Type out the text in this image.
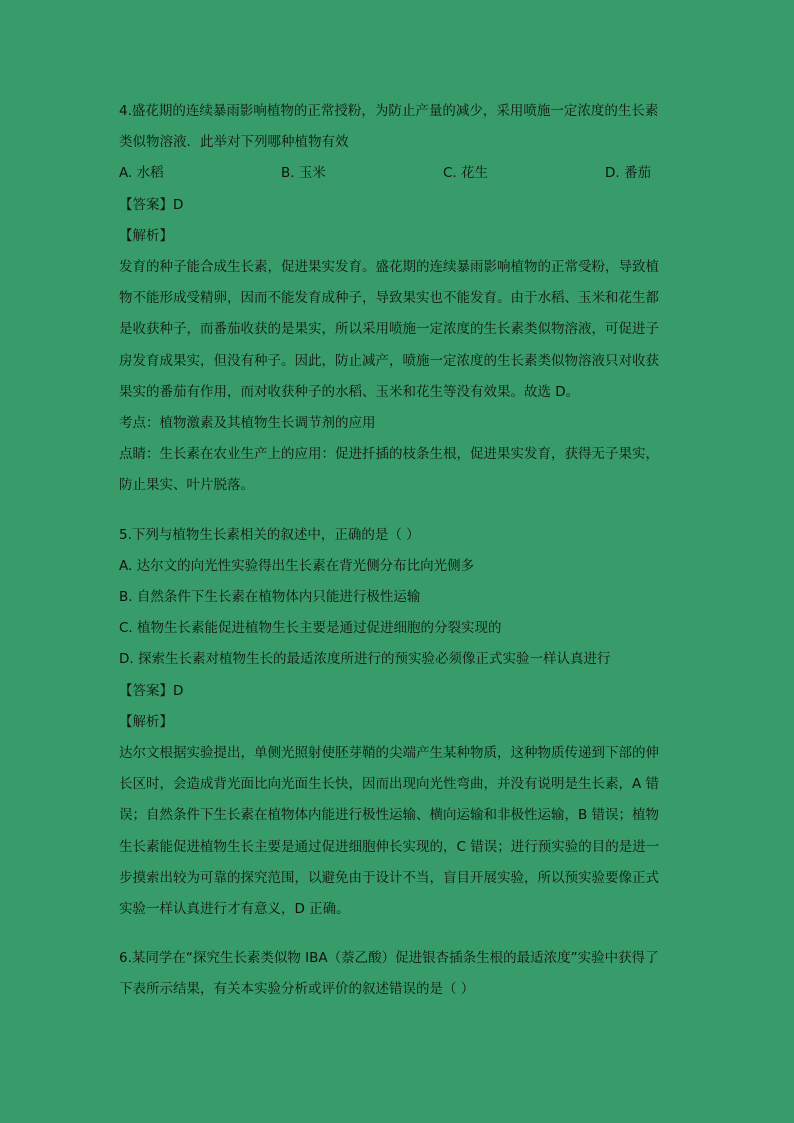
4.盛花期的连续暴雨影响植物的正常授粉，为防止产量的减少，采用喷施一定浓度的生长素
类似物溶液．此举对下列哪种植物有效
A. 水稻	B. 玉米	C. 花生	D. 番茄
【答案】D
【解析】
发育的种子能合成生长素，促进果实发育。盛花期的连续暴雨影响植物的正常受粉，导致植
物不能形成受精卵，因而不能发育成种子，导致果实也不能发育。由于水稻、玉米和花生都
是收获种子，而番茄收获的是果实，所以采用喷施一定浓度的生长素类似物溶液，可促进子
房发育成果实，但没有种子。因此，防止减产，喷施一定浓度的生长素类似物溶液只对收获
果实的番茄有作用，而对收获种子的水稻、玉米和花生等没有效果。故选 D。
考点：植物激素及其植物生长调节剂的应用
点睛：生长素在农业生产上的应用：促进扦插的枝条生根，促进果实发育，获得无子果实，
防止果实、叶片脱落。
5.下列与植物生长素相关的叙述中，正确的是（ ）
A. 达尔文的向光性实验得出生长素在背光侧分布比向光侧多
B. 自然条件下生长素在植物体内只能进行极性运输
C. 植物生长素能促进植物生长主要是通过促进细胞的分裂实现的
D. 探索生长素对植物生长的最适浓度所进行的预实验必须像正式实验一样认真进行
【答案】D
【解析】
达尔文根据实验提出，单侧光照射使胚芽鞘的尖端产生某种物质，这种物质传递到下部的伸
长区时，会造成背光面比向光面生长快，因而出现向光性弯曲，并没有说明是生长素，A 错
误；自然条件下生长素在植物体内能进行极性运输、横向运输和非极性运输，B 错误；植物
生长素能促进植物生长主要是通过促进细胞伸长实现的，C 错误；进行预实验的目的是进一
步摸索出较为可靠的探究范围，以避免由于设计不当，盲目开展实验，所以预实验要像正式
实验一样认真进行才有意义，D 正确。
6.某同学在“探究生长素类似物 IBA（萘乙酸）促进银杏插条生根的最适浓度”实验中获得了
下表所示结果，有关本实验分析或评价的叙述错误的是（ ）
